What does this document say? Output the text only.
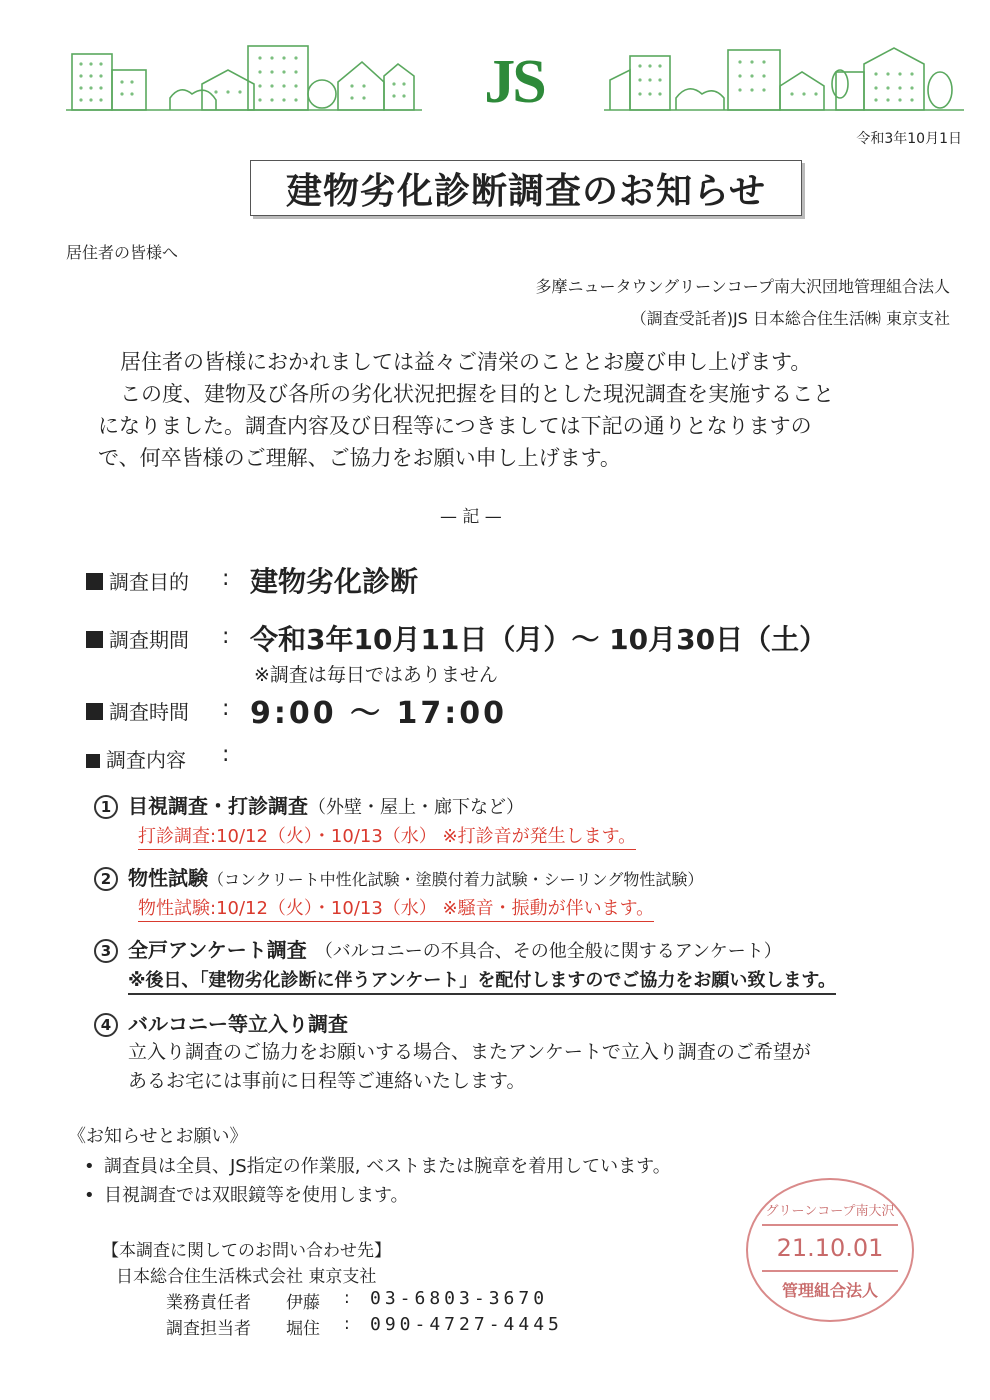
JS
令和3年10月1日
建物劣化診断調査のお知らせ
居住者の皆様へ
多摩ニュータウングリーンコープ南大沢団地管理組合法人
（調査受託者)JS 日本総合住生活㈱ 東京支社
居住者の皆様におかれましては益々ご清栄のこととお慶び申し上げます。
この度、建物及び各所の劣化状況把握を目的とした現況調査を実施すること
になりました。調査内容及び日程等につきましては下記の通りとなりますの
で、何卒皆様のご理解、ご協力をお願い申し上げます。
— 記 —
調査目的 : 建物劣化診断
調査期間 : 令和3年10月11日（月）～ 10月30日（土）
※調査は毎日ではありません
調査時間 : 9:00 ～ 17:00
調査内容 :
1 目視調査・打診調査（外壁・屋上・廊下など）
打診調査:10/12（火）・10/13（水） ※打診音が発生します。
2 物性試験（コンクリート中性化試験・塗膜付着力試験・シーリング物性試験）
物性試験:10/12（火）・10/13（水） ※騒音・振動が伴います。
3 全戸アンケート調査 （バルコニーの不具合、その他全般に関するアンケート）
※後日、「建物劣化診断に伴うアンケート」を配付しますのでご協力をお願い致します。
4 バルコニー等立入り調査
立入り調査のご協力をお願いする場合、またアンケートで立入り調査のご希望が
あるお宅には事前に日程等ご連絡いたします。
《お知らせとお願い》
• 調査員は全員、JS指定の作業服, ベストまたは腕章を着用しています。
• 目視調査では双眼鏡等を使用します。
【本調査に関してのお問い合わせ先】
日本総合住生活株式会社 東京支社
業務責任者 伊藤 : 03-6803-3670
調査担当者 堀住 : 090-4727-4445
グリーンコープ南大沢
21.10.01
管理組合法人
